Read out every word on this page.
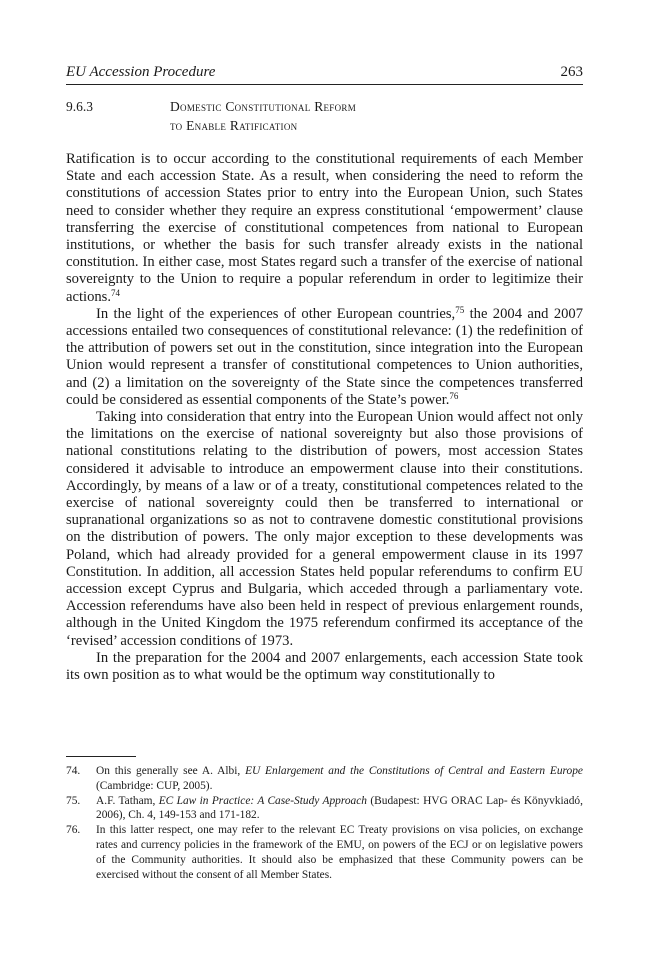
EU Accession Procedure	263
9.6.3	Domestic Constitutional Reform
to Enable Ratification

Ratification is to occur according to the constitutional requirements of each Member State and each accession State. As a result, when considering the need to reform the constitutions of accession States prior to entry into the European Union, such States need to consider whether they require an express constitutional ‘empowerment’ clause transferring the exercise of constitutional competences from national to European institutions, or whether the basis for such transfer already exists in the national constitution. In either case, most States regard such a transfer of the exercise of national sovereignty to the Union to require a popular referendum in order to legitimize their actions.$^{74}$

In the light of the experiences of other European countries,$^{75}$ the 2004 and 2007 accessions entailed two consequences of constitutional relevance: (1) the redefinition of the attribution of powers set out in the constitution, since integration into the European Union would represent a transfer of constitutional competences to Union authorities, and (2) a limitation on the sovereignty of the State since the competences transferred could be considered as essential components of the State’s power.$^{76}$

Taking into consideration that entry into the European Union would affect not only the limitations on the exercise of national sovereignty but also those provisions of national constitutions relating to the distribution of powers, most accession States considered it advisable to introduce an empowerment clause into their constitutions. Accordingly, by means of a law or of a treaty, constitutional competences related to the exercise of national sovereignty could then be transferred to international or supranational organizations so as not to contravene domestic constitutional provisions on the distribution of powers. The only major exception to these developments was Poland, which had already provided for a general empowerment clause in its 1997 Constitution. In addition, all accession States held popular referendums to confirm EU accession except Cyprus and Bulgaria, which acceded through a parliamentary vote. Accession referendums have also been held in respect of previous enlargement rounds, although in the United Kingdom the 1975 referendum confirmed its acceptance of the ‘revised’ accession conditions of 1973.

In the preparation for the 2004 and 2007 enlargements, each accession State took its own position as to what would be the optimum way constitutionally to

74.	On this generally see A. Albi, EU Enlargement and the Constitutions of Central and Eastern Europe (Cambridge: CUP, 2005).
75.	A.F. Tatham, EC Law in Practice: A Case-Study Approach (Budapest: HVG ORAC Lap- és Könyvkiadó, 2006), Ch. 4, 149-153 and 171-182.
76.	In this latter respect, one may refer to the relevant EC Treaty provisions on visa policies, on exchange rates and currency policies in the framework of the EMU, on powers of the ECJ or on legislative powers of the Community authorities. It should also be emphasized that these Community powers can be exercised without the consent of all Member States.
